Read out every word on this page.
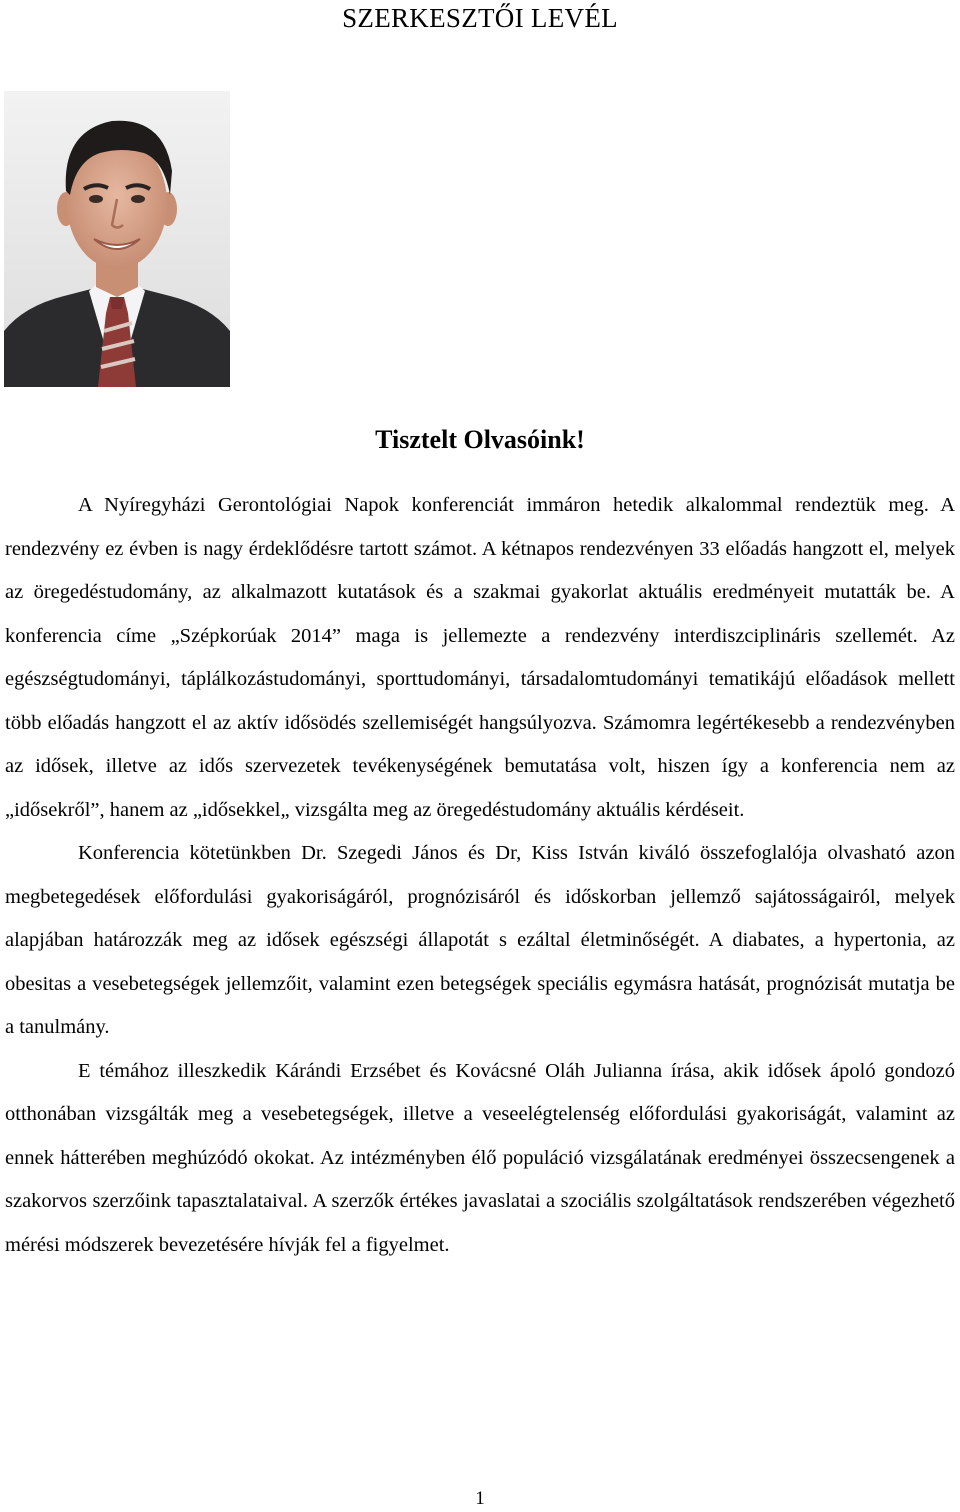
SZERKESZTŐI LEVÉL
Tisztelt Olvasóink!

A Nyíregyházi Gerontológiai Napok konferenciát immáron hetedik alkalommal rendeztük meg. A rendezvény ez évben is nagy érdeklődésre tartott számot. A kétnapos rendezvényen 33 előadás hangzott el, melyek az öregedéstudomány, az alkalmazott kutatások és a szakmai gyakorlat aktuális eredményeit mutatták be. A konferencia címe „Szépkorúak 2014” maga is jellemezte a rendezvény interdiszciplináris szellemét. Az egészségtudományi, táplálkozástudományi, sporttudományi, társadalomtudományi tematikájú előadások mellett több előadás hangzott el az aktív idősödés szellemiségét hangsúlyozva. Számomra legértékesebb a rendezvényben az idősek, illetve az idős szervezetek tevékenységének bemutatása volt, hiszen így a konferencia nem az „idősekről”, hanem az „idősekkel„ vizsgálta meg az öregedéstudomány aktuális kérdéseit.

Konferencia kötetünkben Dr. Szegedi János és Dr, Kiss István kiváló összefoglalója olvasható azon megbetegedések előfordulási gyakoriságáról, prognózisáról és időskorban jellemző sajátosságairól, melyek alapjában határozzák meg az idősek egészségi állapotát s ezáltal életminőségét. A diabates, a hypertonia, az obesitas a vesebetegségek jellemzőit, valamint ezen betegségek speciális egymásra hatását, prognózisát mutatja be a tanulmány.

E témához illeszkedik Kárándi Erzsébet és Kovácsné Oláh Julianna írása, akik idősek ápoló gondozó otthonában vizsgálták meg a vesebetegségek, illetve a veseelégtelenség előfordulási gyakoriságát, valamint az ennek hátterében meghúzódó okokat. Az intézményben élő populáció vizsgálatának eredményei összecsengenek a szakorvos szerzőink tapasztalataival. A szerzők értékes javaslatai a szociális szolgáltatások rendszerében végezhető mérési módszerek bevezetésére hívják fel a figyelmet.

1
